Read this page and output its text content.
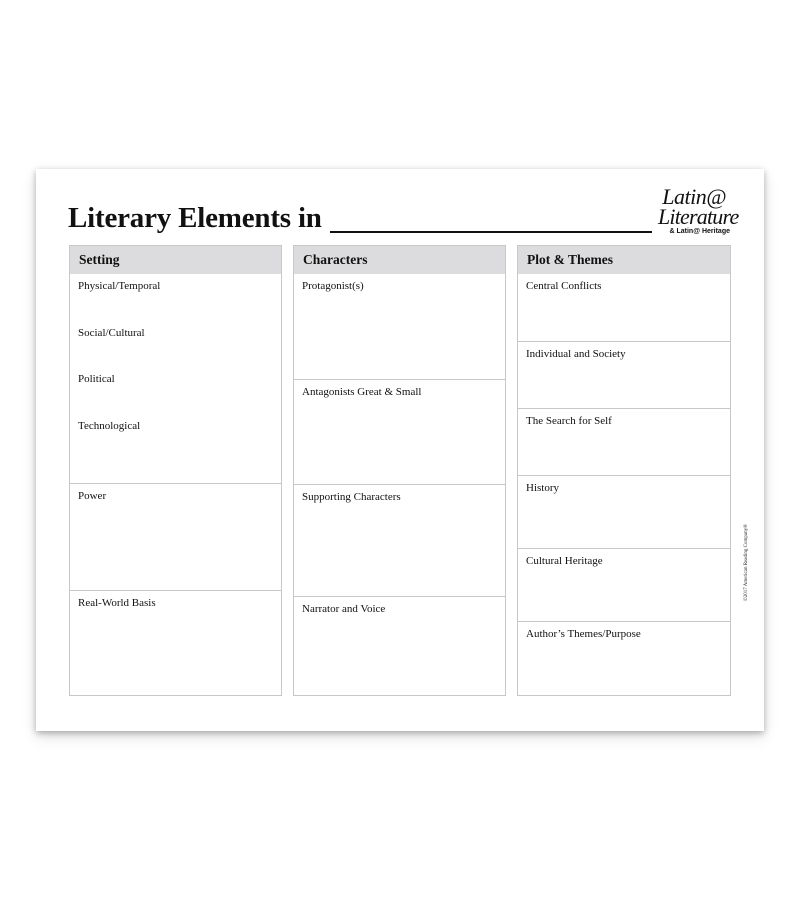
Literary Elements in
Latin@
Literature
& Latin@ Heritage
Setting
Physical/Temporal
Social/Cultural
Political
Technological
Power
Real-World Basis
Characters
Protagonist(s)
Antagonists Great & Small
Supporting Characters
Narrator and Voice
Plot & Themes
Central Conflicts
Individual and Society
The Search for Self
History
Cultural Heritage
Author’s Themes/Purpose
©2017 American Reading Company®
